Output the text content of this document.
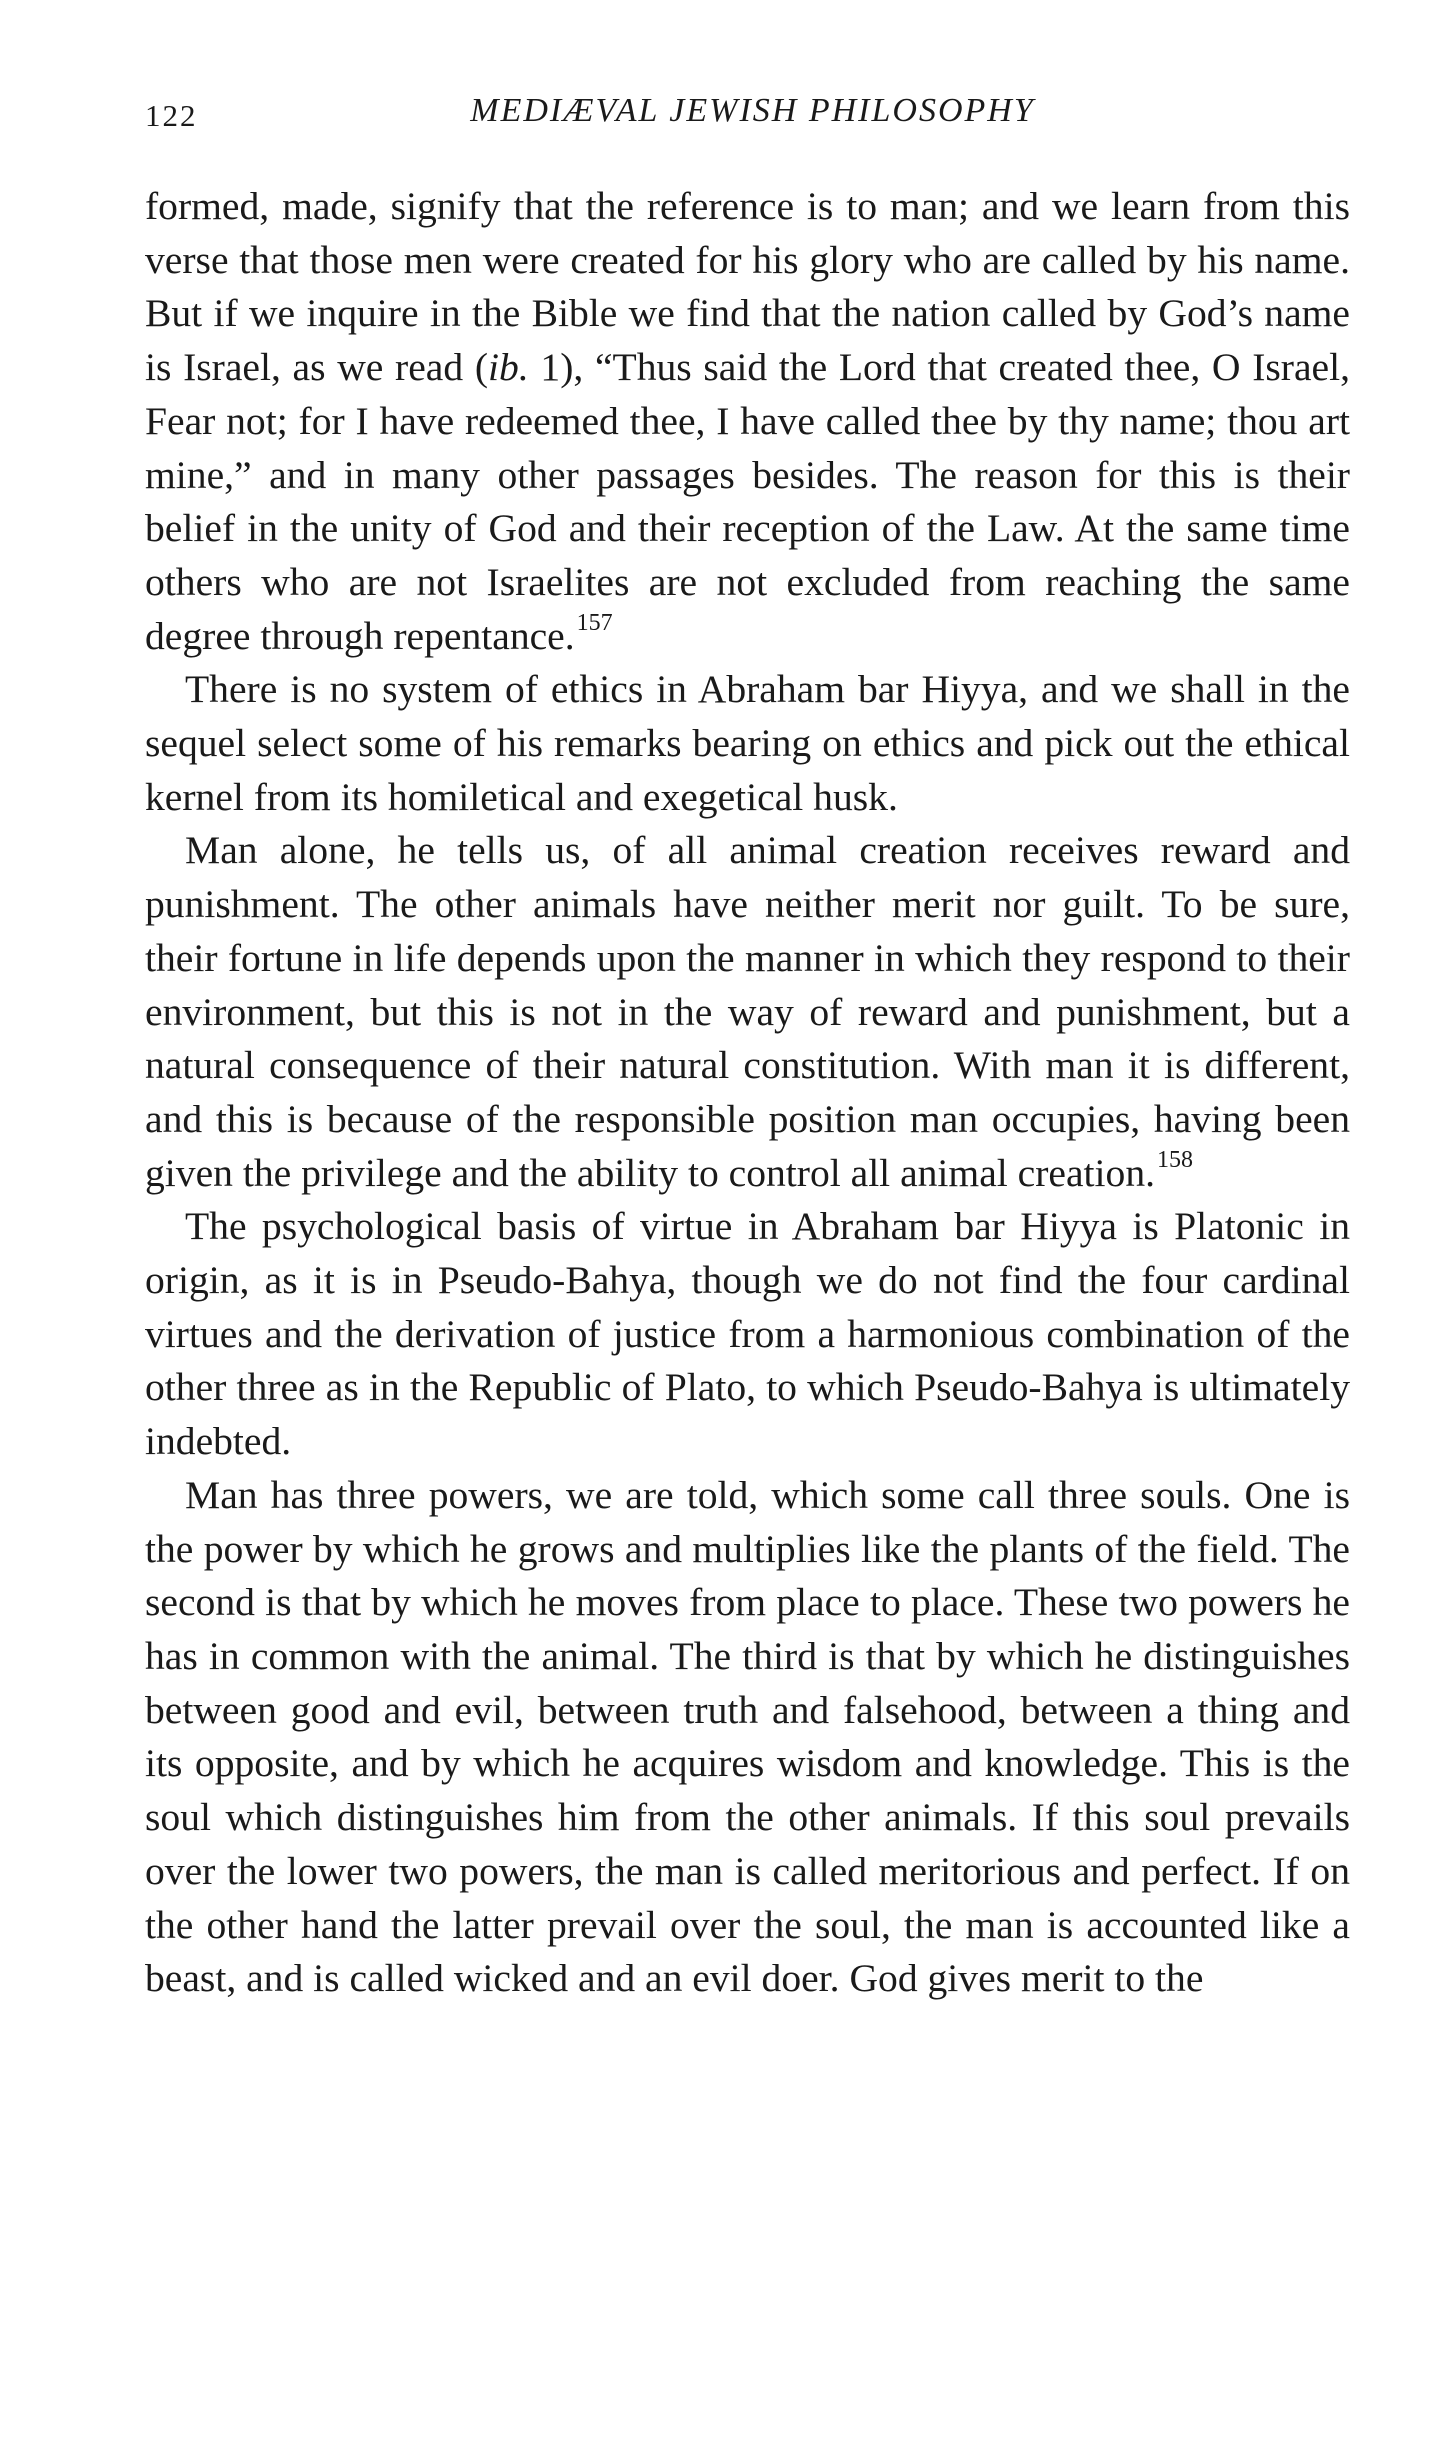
122	MEDIÆVAL JEWISH PHILOSOPHY

formed, made, signify that the reference is to man; and we learn from this verse that those men were created for his glory who are called by his name. But if we inquire in the Bible we find that the nation called by God’s name is Israel, as we read (ib. 1), “Thus said the Lord that created thee, O Israel, Fear not; for I have redeemed thee, I have called thee by thy name; thou art mine,” and in many other passages besides. The reason for this is their belief in the unity of God and their reception of the Law. At the same time others who are not Israelites are not excluded from reaching the same degree through repentance.$^{157}$

There is no system of ethics in Abraham bar Hiyya, and we shall in the sequel select some of his remarks bearing on ethics and pick out the ethical kernel from its homiletical and exegetical husk.

Man alone, he tells us, of all animal creation receives reward and punishment. The other animals have neither merit nor guilt. To be sure, their fortune in life depends upon the manner in which they respond to their environment, but this is not in the way of reward and punishment, but a natural consequence of their natural constitution. With man it is different, and this is because of the responsible position man occupies, having been given the privilege and the ability to control all animal creation.$^{158}$

The psychological basis of virtue in Abraham bar Hiyya is Platonic in origin, as it is in Pseudo-Bahya, though we do not find the four cardinal virtues and the derivation of justice from a harmonious combination of the other three as in the Republic of Plato, to which Pseudo-Bahya is ultimately indebted.

Man has three powers, we are told, which some call three souls. One is the power by which he grows and multiplies like the plants of the field. The second is that by which he moves from place to place. These two powers he has in common with the animal. The third is that by which he distinguishes between good and evil, between truth and falsehood, between a thing and its opposite, and by which he acquires wisdom and knowledge. This is the soul which distinguishes him from the other animals. If this soul prevails over the lower two powers, the man is called meritorious and perfect. If on the other hand the latter prevail over the soul, the man is accounted like a beast, and is called wicked and an evil doer. God gives merit to the
